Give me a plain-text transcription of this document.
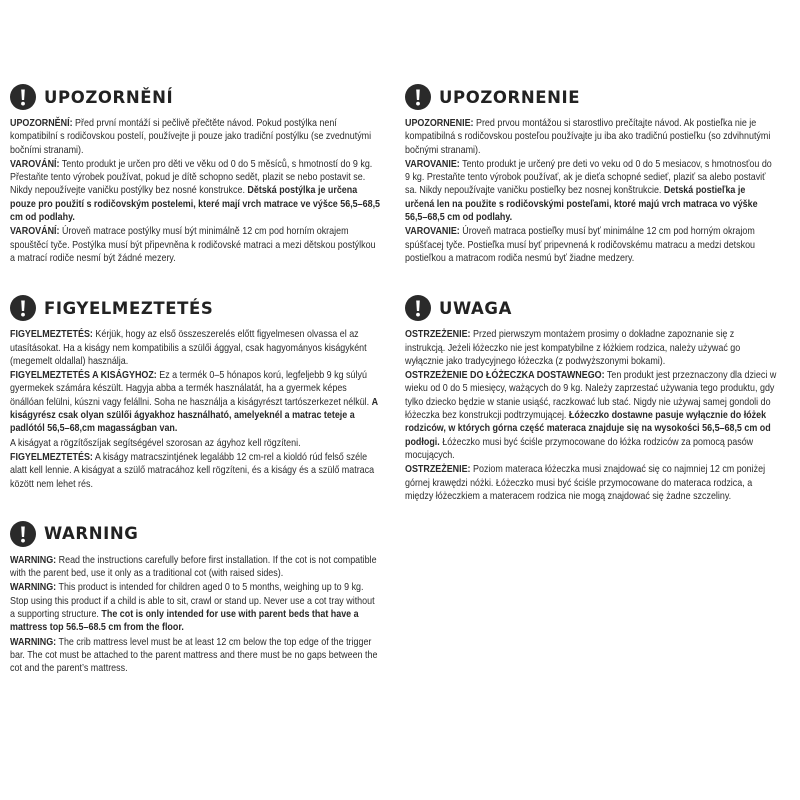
UPOZORNĚNÍ

UPOZORNĚNÍ: Před první montáží si pečlivě přečtěte návod. Pokud postýlka není kompatibilní s rodičovskou postelí, používejte ji pouze jako tradiční postýlku (se zvednutými bočními stranami).

VAROVÁNÍ: Tento produkt je určen pro děti ve věku od 0 do 5 měsíců, s hmotností do 9 kg. Přestaňte tento výrobek používat, pokud je dítě schopno sedět, plazit se nebo postavit se. Nikdy nepoužívejte vaničku postýlky bez nosné konstrukce. Dětská postýlka je určena pouze pro použití s rodičovským postelemi, které mají vrch matrace ve výšce 56,5–68,5 cm od podlahy.

VAROVÁNÍ: Úroveň matrace postýlky musí být minimálně 12 cm pod horním okrajem spouštěcí tyče. Postýlka musí být připevněna k rodičovské matraci a mezi dětskou postýlkou a matrací rodiče nesmí být žádné mezery.

FIGYELMEZTETÉS

FIGYELMEZTETÉS: Kérjük, hogy az első összeszerelés előtt figyelmesen olvassa el az utasításokat. Ha a kiságy nem kompatibilis a szülői ággyal, csak hagyományos kiságyként (megemelt oldallal) használja.

FIGYELMEZTETÉS A KISÁGYHOZ: Ez a termék 0–5 hónapos korú, legfeljebb 9 kg súlyú gyermekek számára készült. Hagyja abba a termék használatát, ha a gyermek képes önállóan felülni, kúszni vagy felállni. Soha ne használja a kiságyrészt tartószerkezet nélkül. A kiságyrész csak olyan szülői ágyakhoz használható, amelyeknél a matrac teteje a padlótól 56,5–68,cm magasságban van.

A kiságyat a rögzítőszíjak segítségével szorosan az ágyhoz kell rögzíteni.

FIGYELMEZTETÉS: A kiságy matracszintjének legalább 12 cm-rel a kioldó rúd felső széle alatt kell lennie. A kiságyat a szülő matracához kell rögzíteni, és a kiságy és a szülő matraca között nem lehet rés.

WARNING

WARNING: Read the instructions carefully before first installation. If the cot is not compatible with the parent bed, use it only as a traditional cot (with raised sides).

WARNING: This product is intended for children aged 0 to 5 months, weighing up to 9 kg. Stop using this product if a child is able to sit, crawl or stand up. Never use a cot tray without a supporting structure. The cot is only intended for use with parent beds that have a mattress top 56.5–68.5 cm from the floor.

WARNING: The crib mattress level must be at least 12 cm below the top edge of the trigger bar. The cot must be attached to the parent mattress and there must be no gaps between the cot and the parent’s mattress.

UPOZORNENIE

UPOZORNENIE: Pred prvou montážou si starostlivo prečítajte návod. Ak postieľka nie je kompatibilná s rodičovskou posteľou používajte ju iba ako tradičnú postieľku (so zdvihnutými bočnými stranami).

VAROVANIE: Tento produkt je určený pre deti vo veku od 0 do 5 mesiacov, s hmotnosťou do 9 kg. Prestaňte tento výrobok používať, ak je dieťa schopné sedieť, plaziť sa alebo postaviť sa. Nikdy nepoužívajte vaničku postieľky bez nosnej konštrukcie. Detská postieľka je určená len na použite s rodičovskými posteľami, ktoré majú vrch matraca vo výške 56,5–68,5 cm od podlahy.

VAROVANIE: Úroveň matraca postieľky musí byť minimálne 12 cm pod horným okrajom spúšťacej tyče. Postieľka musí byť pripevnená k rodičovskému matracu a medzi detskou postieľkou a matracom rodiča nesmú byť žiadne medzery.

UWAGA

OSTRZEŻENIE: Przed pierwszym montażem prosimy o dokładne zapoznanie się z instrukcją. Jeżeli łóżeczko nie jest kompatybilne z łóżkiem rodzica, należy używać go wyłącznie jako tradycyjnego łóżeczka (z podwyższonymi bokami).

OSTRZEŻENIE DO ŁÓŻECZKA DOSTAWNEGO: Ten produkt jest przeznaczony dla dzieci w wieku od 0 do 5 miesięcy, ważących do 9 kg. Należy zaprzestać używania tego produktu, gdy tylko dziecko będzie w stanie usiąść, raczkować lub stać. Nigdy nie używaj samej gondoli do łóżeczka bez konstrukcji podtrzymującej. Łóżeczko dostawne pasuje wyłącznie do łóżek rodziców, w których górna część materaca znajduje się na wysokości 56,5–68,5 cm od podłogi. Łóżeczko musi być ściśle przymocowane do łóżka rodziców za pomocą pasów mocujących.

OSTRZEŻENIE: Poziom materaca łóżeczka musi znajdować się co najmniej 12 cm poniżej górnej krawędzi nóżki. Łóżeczko musi być ściśle przymocowane do materaca rodzica, a między łóżeczkiem a materacem rodzica nie mogą znajdować się żadne szczeliny.
